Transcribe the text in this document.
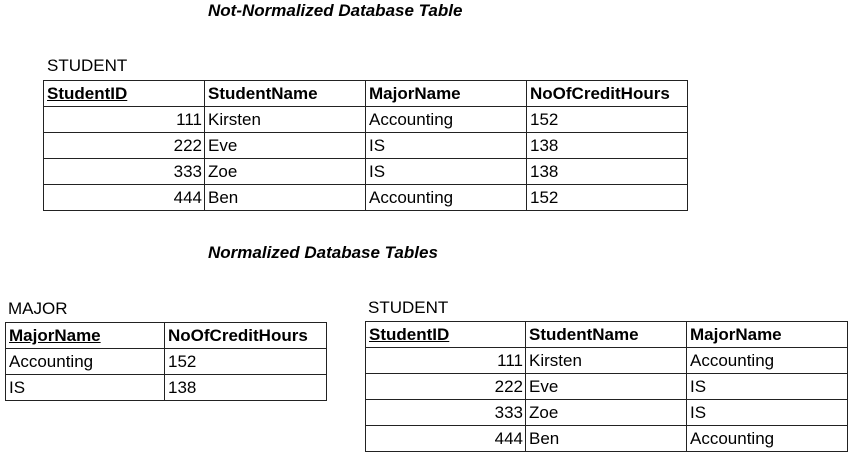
Not-Normalized Database Table
STUDENT
StudentID	StudentName	MajorName	NoOfCreditHours
111	Kirsten	Accounting	152
222	Eve	IS	138
333	Zoe	IS	138
444	Ben	Accounting	152
Normalized Database Tables
MAJOR
MajorName	NoOfCreditHours
Accounting	152
IS	138
STUDENT
StudentID	StudentName	MajorName
111	Kirsten	Accounting
222	Eve	IS
333	Zoe	IS
444	Ben	Accounting
